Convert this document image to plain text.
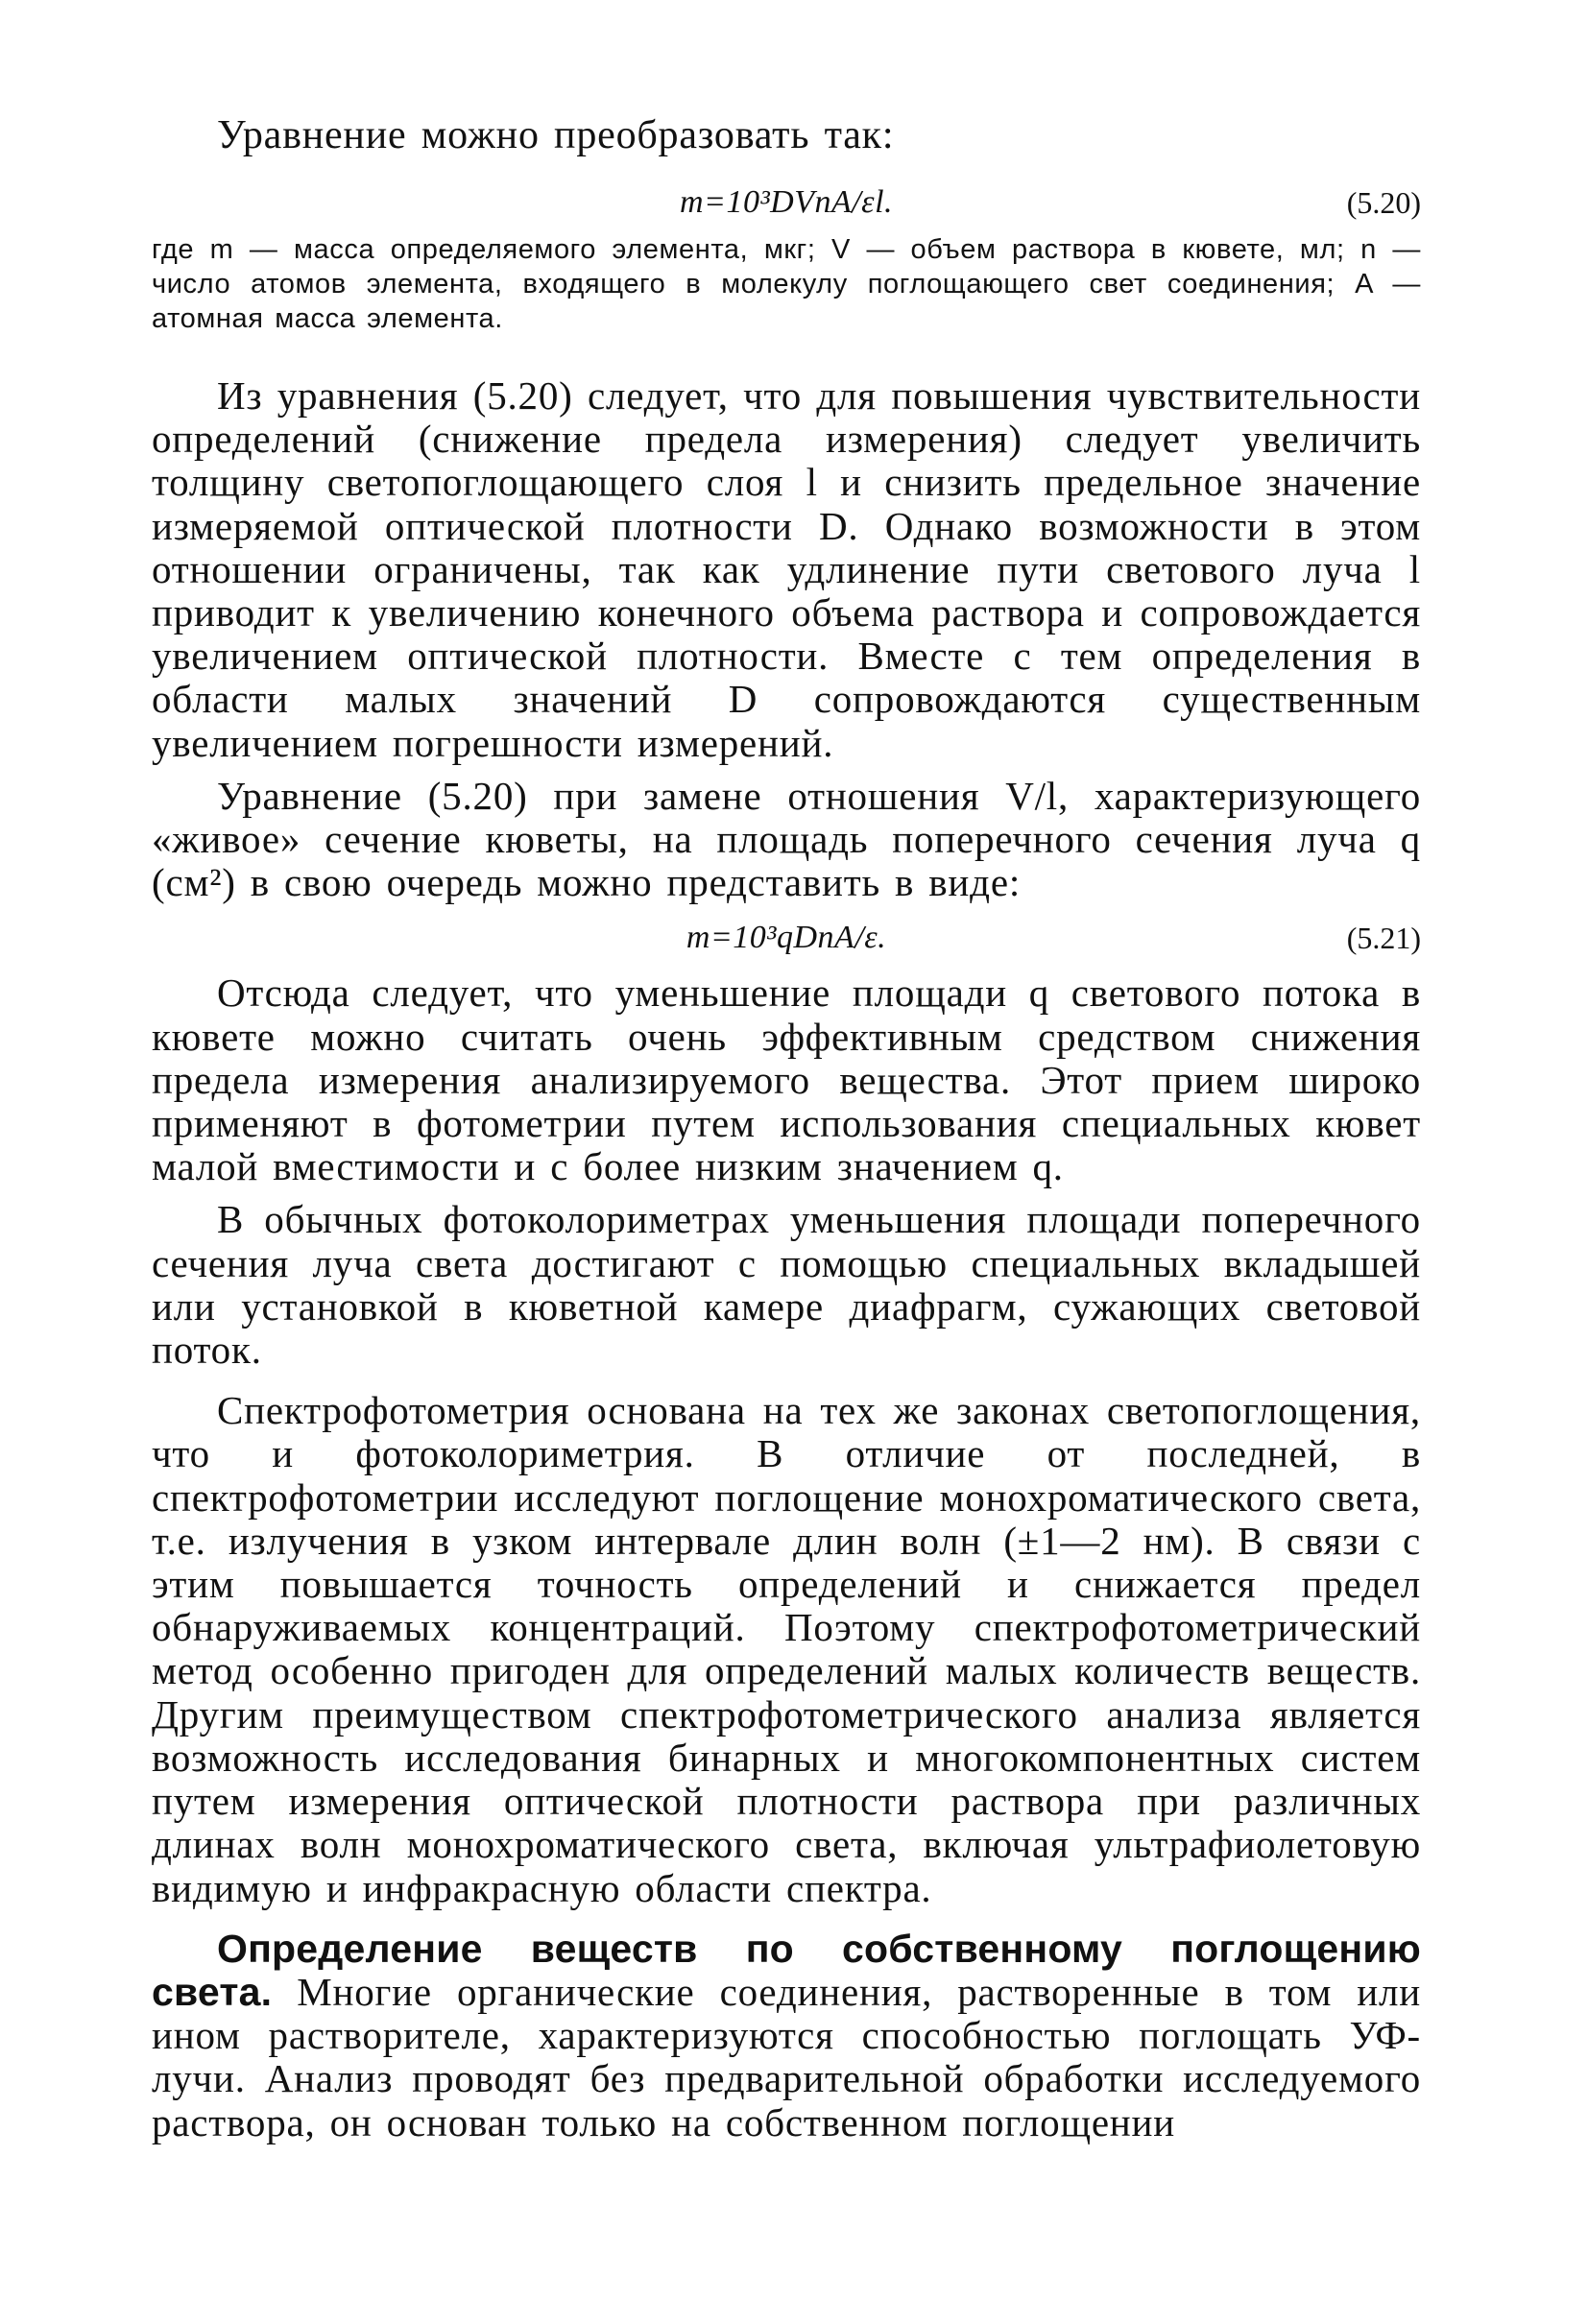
Уравнение можно преобразовать так:

m=10³DVnA/εl.	(5.20)

где m — масса определяемого элемента, мкг; V — объем раствора в кювете, мл; n — число атомов элемента, входящего в молекулу поглощающего свет соединения; A — атомная масса элемента.

Из уравнения (5.20) следует, что для повышения чувствительности определений (снижение предела измерения) следует увеличить толщину светопоглощающего слоя l и снизить предельное значение измеряемой оптической плотности D. Однако возможности в этом отношении ограничены, так как удлинение пути светового луча l приводит к увеличению конечного объема раствора и сопровождается увеличением оптической плотности. Вместе с тем определения в области малых значений D сопровождаются существенным увеличением погрешности измерений.

Уравнение (5.20) при замене отношения V/l, характеризующего «живое» сечение кюветы, на площадь поперечного сечения луча q (см²) в свою очередь можно представить в виде:

m=10³qDnA/ε.	(5.21)

Отсюда следует, что уменьшение площади q светового потока в кювете можно считать очень эффективным средством снижения предела измерения анализируемого вещества. Этот прием широко применяют в фотометрии путем использования специальных кювет малой вместимости и с более низким значением q.

В обычных фотоколориметрах уменьшения площади поперечного сечения луча света достигают с помощью специальных вкладышей или установкой в кюветной камере диафрагм, сужающих световой поток.

Спектрофотометрия основана на тех же законах светопоглощения, что и фотоколориметрия. В отличие от последней, в спектрофотометрии исследуют поглощение монохроматического света, т.е. излучения в узком интервале длин волн (±1—2 нм). В связи с этим повышается точность определений и снижается предел обнаруживаемых концентраций. Поэтому спектрофотометрический метод особенно пригоден для определений малых количеств веществ. Другим преимуществом спектрофотометрического анализа является возможность исследования бинарных и многокомпонентных систем путем измерения оптической плотности раствора при различных длинах волн монохроматического света, включая ультрафиолетовую видимую и инфракрасную области спектра.

Определение веществ по собственному поглощению света. Многие органические соединения, растворенные в том или ином растворителе, характеризуются способностью поглощать УФ-лучи. Анализ проводят без предварительной обработки исследуемого раствора, он основан только на собственном поглощении
